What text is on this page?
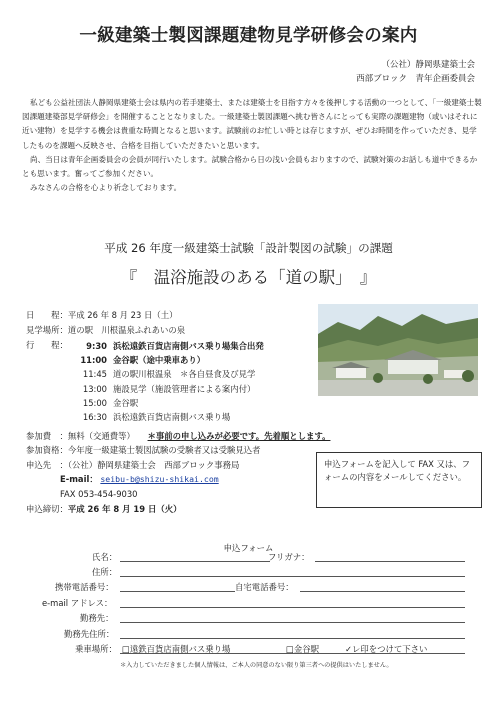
一級建築士製図課題建物見学研修会の案内
（公社）静岡県建築士会
西部ブロック　青年企画委員会

私ども公益社団法人静岡県建築士会は県内の若手建築士、または建築士を目指す方々を後押しする活動の一つとして、「一級建築士製図課題建築部見学研修会」を開催することとなりました。一級建築士製図課題へ挑む皆さんにとっても実際の課題建物（或いはそれに近い建物）を見学する機会は貴重な時間となると思います。試験前のお忙しい時とは存じますが、ぜひお時間を作っていただき、見学したものを課題へ反映させ、合格を目指していただきたいと思います。

尚、当日は青年企画委員会の会員が同行いたします。試験合格から日の浅い会員もおりますので、試験対策のお話しも道中できるかとも思います。奮ってご参加ください。

みなさんの合格を心より祈念しております。

平成 26 年度一級建築士試験「設計製図の試験」の課題
『　温浴施設のある「道の駅」　』
日　　程：平成 26 年 8 月 23 日（土）
見学場所：道の駅　川根温泉ふれあいの泉
行　　程：	9:30 浜松遠鉄百貨店南側バス乗り場集合出発
11:00 金谷駅（途中乗車あり）
11:45 道の駅川根温泉　＊各自昼食及び見学
13:00 施設見学（施設管理者による案内付）
15:00 金谷駅
16:30 浜松遠鉄百貨店南側バス乗り場
参加費　：無料（交通費等） ＊事前の申し込みが必要です。先着順とします。
参加資格：今年度一級建築士製図試験の受験者又は受験見込者
申込先　：（公社）静岡県建築士会　西部ブロック事務局
E-mail： seibu-b@shizu-shikai.com
FAX 053-454-9030
申込締切：平成 26 年 8 月 19 日（火）
申込フォームを記入して FAX 又は、フォームの内容をメールしてください。
申込フォーム
氏名：	フリガナ：
住所：
携帯電話番号：	自宅電話番号：
e-mail アドレス：
勤務先：
勤務先住所：
乗車場所： □遠鉄百貨店南側バス乗り場	□金谷駅	✓レ印をつけて下さい
＊入力していただきました個人情報は、ご本人の同意のない限り第三者への提供はいたしません。
